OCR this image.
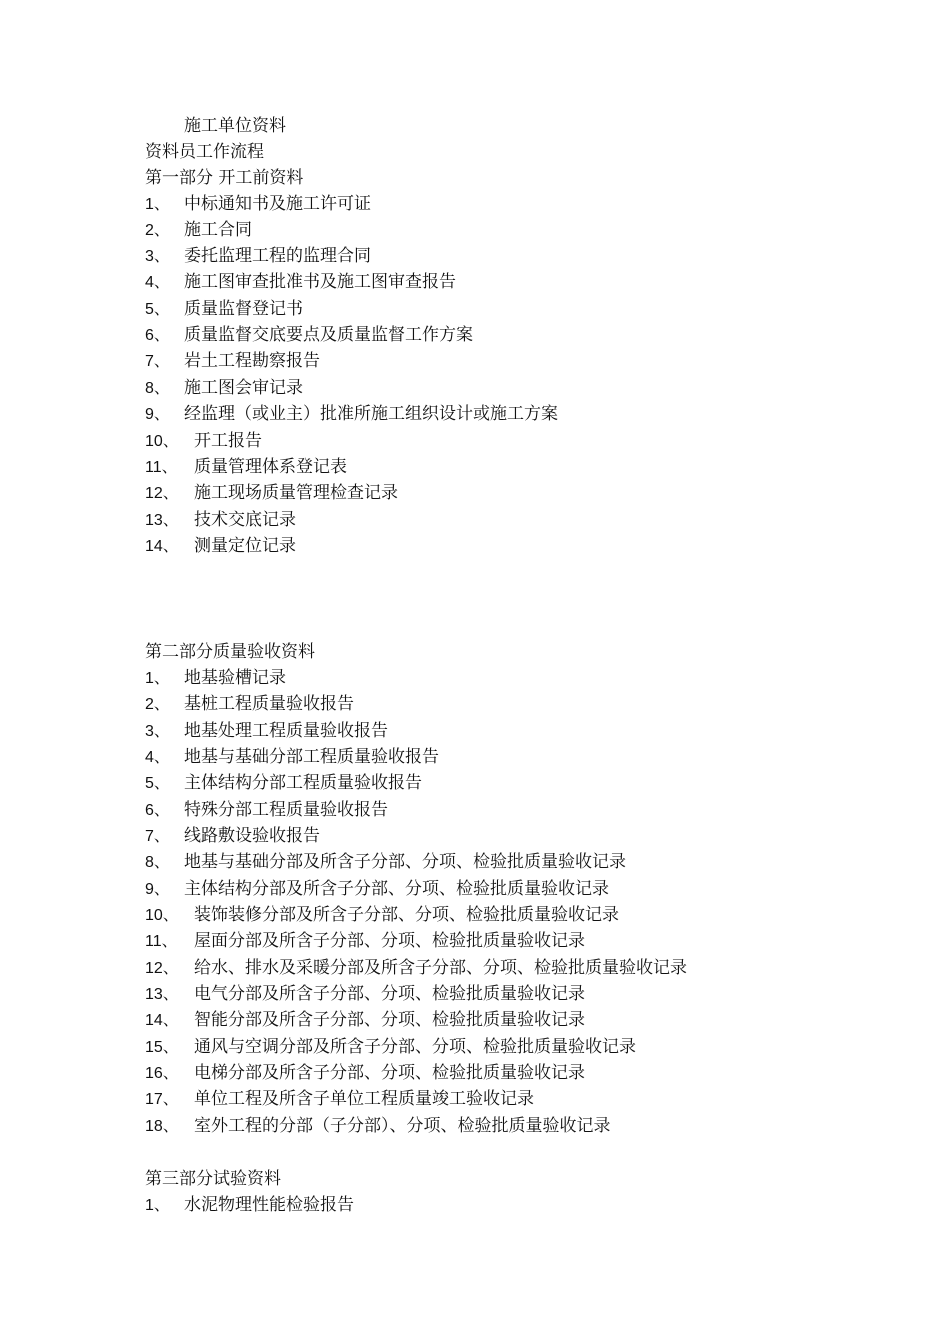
施工单位资料
资料员工作流程
第一部分 开工前资料
1、 中标通知书及施工许可证
2、 施工合同
3、 委托监理工程的监理合同
4、 施工图审查批准书及施工图审查报告
5、 质量监督登记书
6、 质量监督交底要点及质量监督工作方案
7、 岩土工程勘察报告
8、 施工图会审记录
9、 经监理（或业主）批准所施工组织设计或施工方案
10、 开工报告
11、 质量管理体系登记表
12、 施工现场质量管理检查记录
13、 技术交底记录
14、 测量定位记录
第二部分质量验收资料
1、 地基验槽记录
2、 基桩工程质量验收报告
3、 地基处理工程质量验收报告
4、 地基与基础分部工程质量验收报告
5、 主体结构分部工程质量验收报告
6、 特殊分部工程质量验收报告
7、 线路敷设验收报告
8、 地基与基础分部及所含子分部、分项、检验批质量验收记录
9、 主体结构分部及所含子分部、分项、检验批质量验收记录
10、 装饰装修分部及所含子分部、分项、检验批质量验收记录
11、 屋面分部及所含子分部、分项、检验批质量验收记录
12、 给水、排水及采暖分部及所含子分部、分项、检验批质量验收记录
13、 电气分部及所含子分部、分项、检验批质量验收记录
14、 智能分部及所含子分部、分项、检验批质量验收记录
15、 通风与空调分部及所含子分部、分项、检验批质量验收记录
16、 电梯分部及所含子分部、分项、检验批质量验收记录
17、 单位工程及所含子单位工程质量竣工验收记录
18、 室外工程的分部（子分部）、分项、检验批质量验收记录
第三部分试验资料
1、 水泥物理性能检验报告
